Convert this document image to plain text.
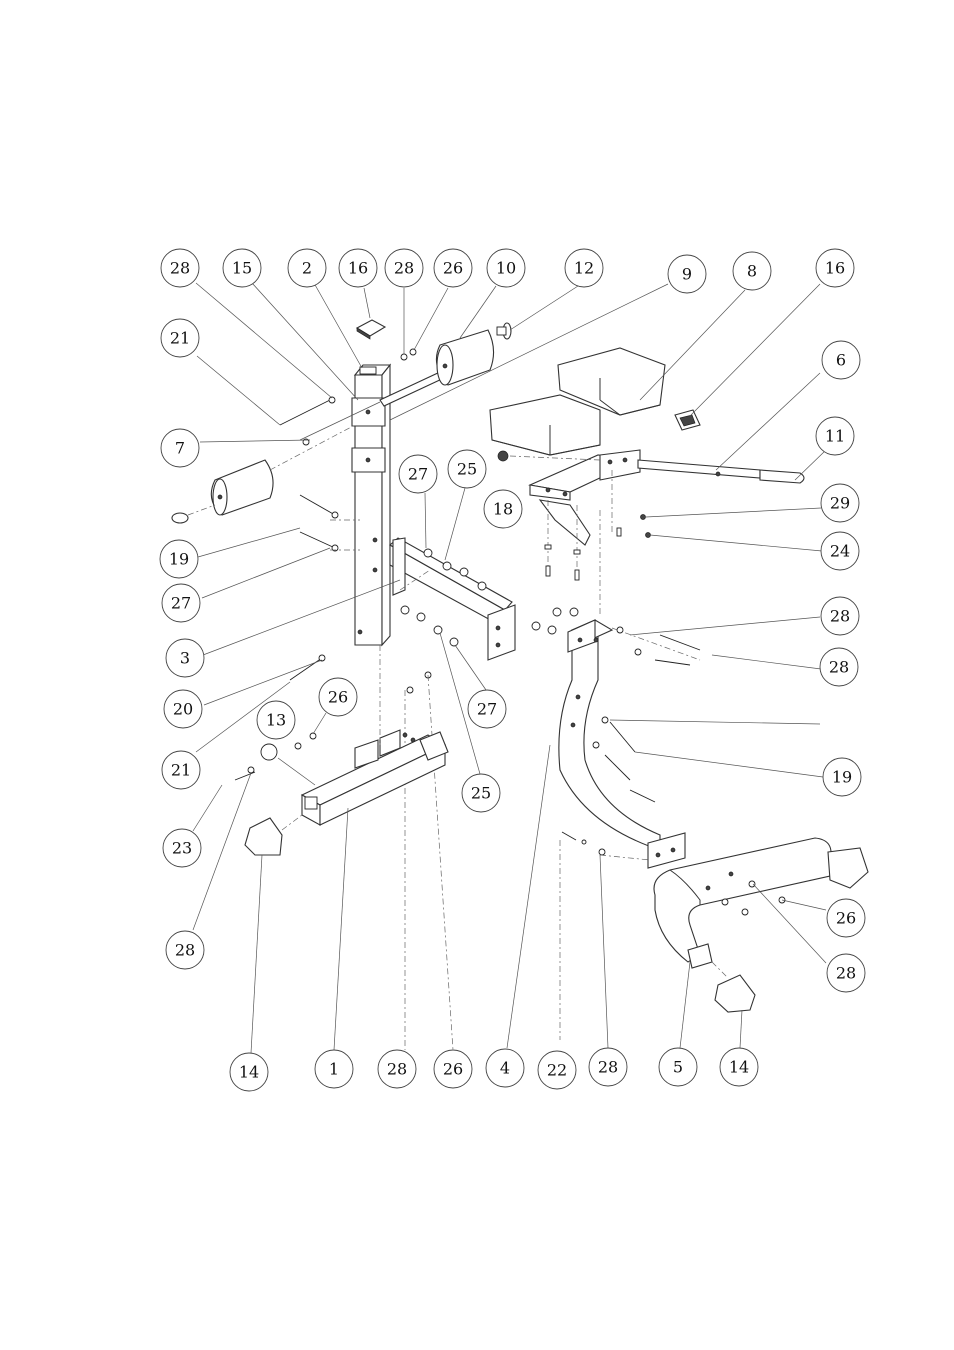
28	15	2 16 28 26 10	12	9	8	16
6
21
7
11
27 25
18	29
24
19
27
3
28
20
28
27
21
26
13
19
25
23
26
28
28
14	1	28 26 4 22 28	5	14
